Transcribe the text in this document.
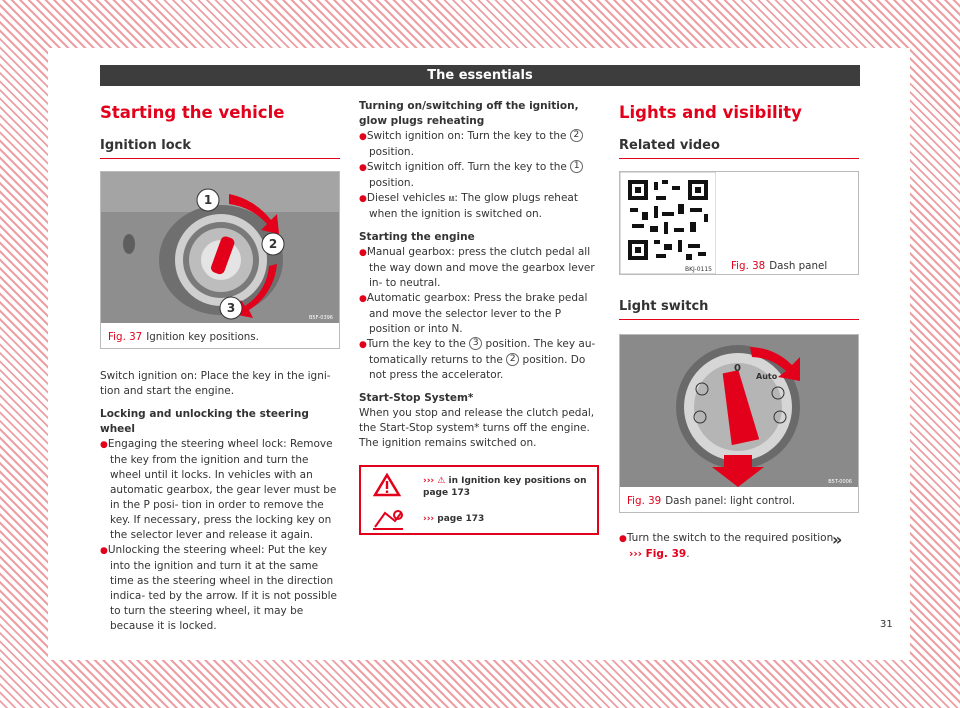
The essentials
Starting the vehicle
Ignition lock
1
2
3
B5F-0396
Fig. 37 Ignition key positions.

Switch ignition on: Place the key in the igni- tion and start the engine.

Locking and unlocking the steering wheel
● Engaging the steering wheel lock: Remove the key from the ignition and turn the wheel until it locks. In vehicles with an automatic gearbox, the gear lever must be in the P posi- tion in order to remove the key. If necessary, press the locking key on the selector lever and release it again.
● Unlocking the steering wheel: Put the key into the ignition and turn it at the same time as the steering wheel in the direction indica- ted by the arrow. If it is not possible to turn the steering wheel, it may be because it is locked.
Turning on/switching off the ignition, glow plugs reheating
● Switch ignition on: Turn the key to the 2 position.
● Switch ignition off. Turn the key to the 1 position.
● Diesel vehicles ⩏: The glow plugs reheat when the ignition is switched on.
Starting the engine
● Manual gearbox: press the clutch pedal all the way down and move the gearbox lever in- to neutral.
● Automatic gearbox: Press the brake pedal and move the selector lever to the P position or into N.
● Turn the key to the 3 position. The key au- tomatically returns to the 2 position. Do not press the accelerator.
Start-Stop System*

When you stop and release the clutch pedal, the Start-Stop system* turns off the engine. The ignition remains switched on.

››› ⚠ in Ignition key positions on page 173
››› page 173
Lights and visibility
Related video
BKJ-0115	Fig. 38 Dash panel
Light switch
0
Auto
B5T-0006
Fig. 39 Dash panel: light control.
● Turn the switch to the required position
››› Fig. 39.
»
31
